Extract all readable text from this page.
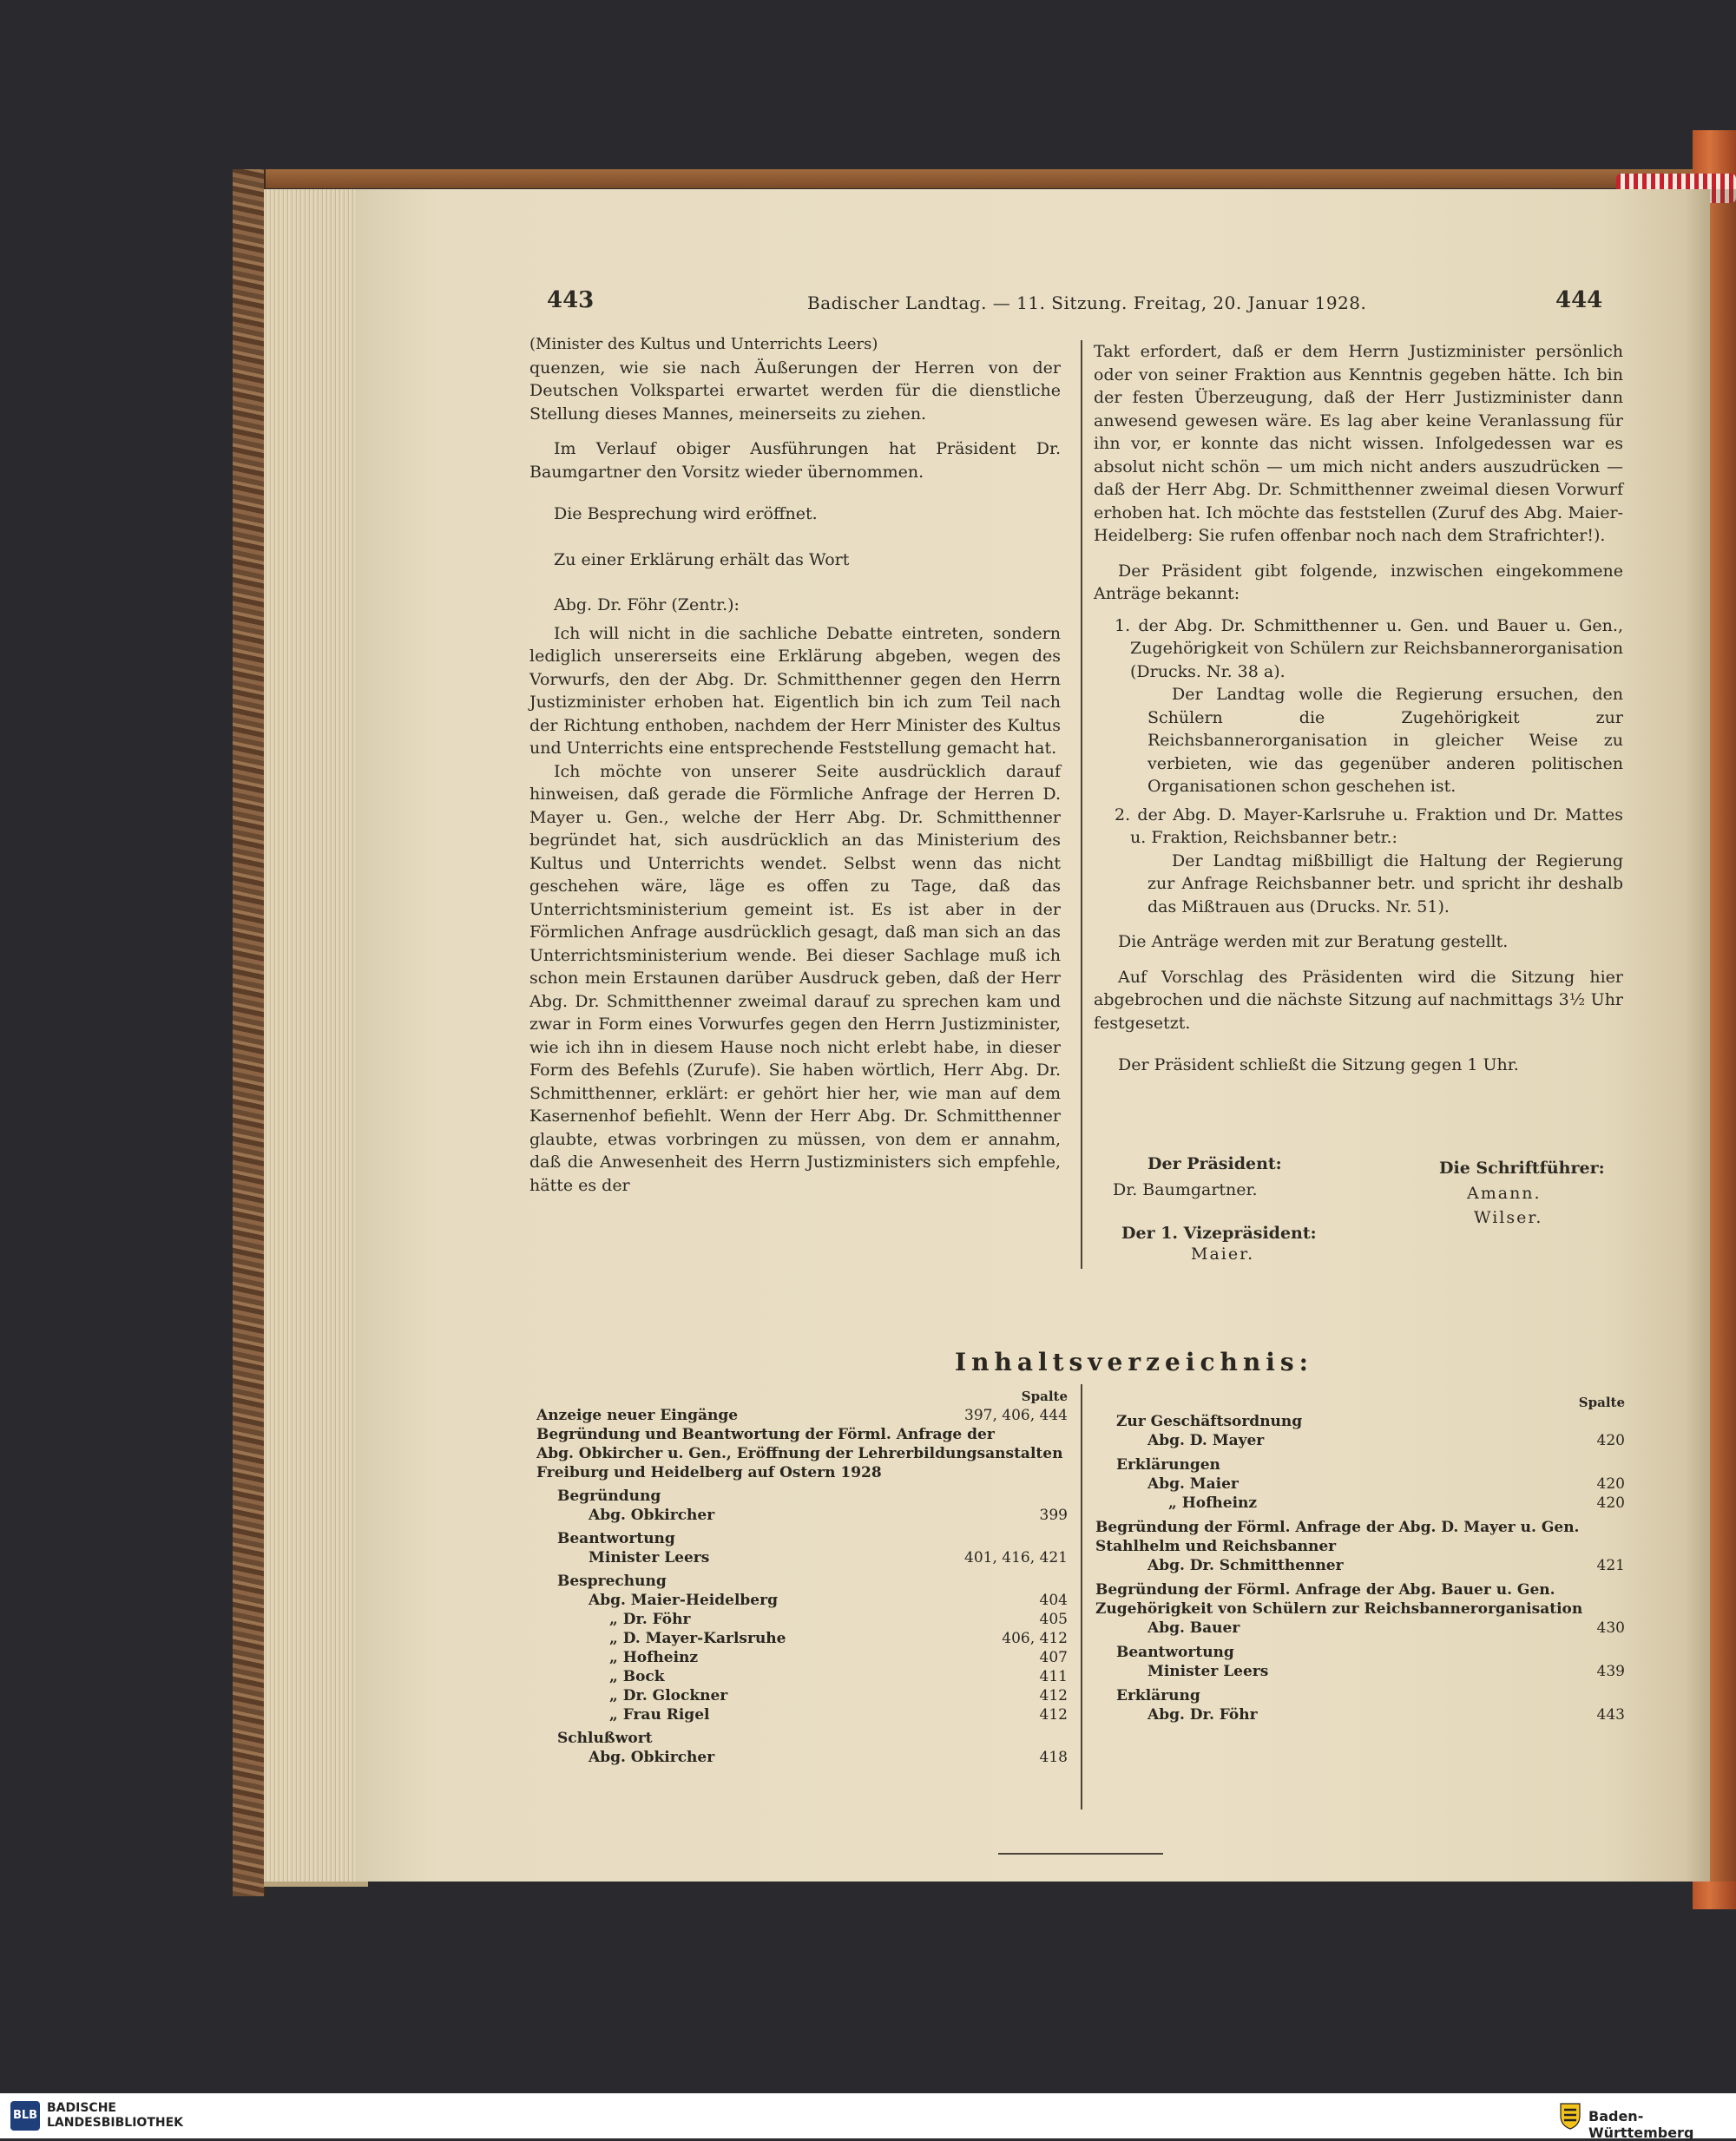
443	Badischer Landtag. — 11. Sitzung. Freitag, 20. Januar 1928.	444

(Minister des Kultus und Unterrichts Leers)

quenzen, wie sie nach Äußerungen der Herren von der Deutschen Volkspartei erwartet werden für die dienstliche Stellung dieses Mannes, meinerseits zu ziehen.

Im Verlauf obiger Ausführungen hat Präsident Dr. Baumgartner den Vorsitz wieder übernommen.

Die Besprechung wird eröffnet.

Zu einer Erklärung erhält das Wort

Abg. Dr. Föhr (Zentr.):

Ich will nicht in die sachliche Debatte eintreten, sondern lediglich unsererseits eine Erklärung abgeben, wegen des Vorwurfs, den der Abg. Dr. Schmitthenner gegen den Herrn Justizminister erhoben hat. Eigentlich bin ich zum Teil nach der Richtung enthoben, nachdem der Herr Minister des Kultus und Unterrichts eine entsprechende Feststellung gemacht hat.

Ich möchte von unserer Seite ausdrücklich darauf hinweisen, daß gerade die Förmliche Anfrage der Herren D. Mayer u. Gen., welche der Herr Abg. Dr. Schmitthenner begründet hat, sich ausdrücklich an das Ministerium des Kultus und Unterrichts wendet. Selbst wenn das nicht geschehen wäre, läge es offen zu Tage, daß das Unterrichtsministerium gemeint ist. Es ist aber in der Förmlichen Anfrage ausdrücklich gesagt, daß man sich an das Unterrichtsministerium wende. Bei dieser Sachlage muß ich schon mein Erstaunen darüber Ausdruck geben, daß der Herr Abg. Dr. Schmitthenner zweimal darauf zu sprechen kam und zwar in Form eines Vorwurfes gegen den Herrn Justizminister, wie ich ihn in diesem Hause noch nicht erlebt habe, in dieser Form des Befehls (Zurufe). Sie haben wörtlich, Herr Abg. Dr. Schmitthenner, erklärt: er gehört hier her, wie man auf dem Kasernenhof befiehlt. Wenn der Herr Abg. Dr. Schmitthenner glaubte, etwas vorbringen zu müssen, von dem er annahm, daß die Anwesenheit des Herrn Justizministers sich empfehle, hätte es der

Takt erfordert, daß er dem Herrn Justizminister persönlich oder von seiner Fraktion aus Kenntnis gegeben hätte. Ich bin der festen Überzeugung, daß der Herr Justizminister dann anwesend gewesen wäre. Es lag aber keine Veranlassung für ihn vor, er konnte das nicht wissen. Infolgedessen war es absolut nicht schön — um mich nicht anders auszudrücken — daß der Herr Abg. Dr. Schmitthenner zweimal diesen Vorwurf erhoben hat. Ich möchte das feststellen (Zuruf des Abg. Maier-Heidelberg: Sie rufen offenbar noch nach dem Strafrichter!).

Der Präsident gibt folgende, inzwischen eingekommene Anträge bekannt:

1. der Abg. Dr. Schmitthenner u. Gen. und Bauer u. Gen., Zugehörigkeit von Schülern zur Reichsbannerorganisation (Drucks. Nr. 38 a).

Der Landtag wolle die Regierung ersuchen, den Schülern die Zugehörigkeit zur Reichsbannerorganisation in gleicher Weise zu verbieten, wie das gegenüber anderen politischen Organisationen schon geschehen ist.

2. der Abg. D. Mayer-Karlsruhe u. Fraktion und Dr. Mattes u. Fraktion, Reichsbanner betr.:

Der Landtag mißbilligt die Haltung der Regierung zur Anfrage Reichsbanner betr. und spricht ihr deshalb das Mißtrauen aus (Drucks. Nr. 51).

Die Anträge werden mit zur Beratung gestellt.

Auf Vorschlag des Präsidenten wird die Sitzung hier abgebrochen und die nächste Sitzung auf nachmittags 3½ Uhr festgesetzt.

Der Präsident schließt die Sitzung gegen 1 Uhr.

Der Präsident:
Dr. Baumgartner.
Der 1. Vizepräsident:
Maier.
Die Schriftführer:
Amann.
Wilser.
Inhaltsverzeichnis:
Spalte
Anzeige neuer Eingänge	397, 406, 444
Begründung und Beantwortung der Förml. Anfrage der
Abg. Obkircher u. Gen., Eröffnung der Lehrerbildungsanstalten
Freiburg und Heidelberg auf Ostern 1928
Begründung
Abg. Obkircher	399
Beantwortung
Minister Leers	401, 416, 421
Besprechung
Abg. Maier-Heidelberg	404
„ Dr. Föhr	405
„ D. Mayer-Karlsruhe	406, 412
„ Hofheinz	407
„ Bock	411
„ Dr. Glockner	412
„ Frau Rigel	412
Schlußwort
Abg. Obkircher	418
Spalte
Zur Geschäftsordnung
Abg. D. Mayer	420
Erklärungen
Abg. Maier	420
„ Hofheinz	420
Begründung der Förml. Anfrage der Abg. D. Mayer u. Gen.
Stahlhelm und Reichsbanner
Abg. Dr. Schmitthenner	421
Begründung der Förml. Anfrage der Abg. Bauer u. Gen.
Zugehörigkeit von Schülern zur Reichsbannerorganisation
Abg. Bauer	430
Beantwortung
Minister Leers	439
Erklärung
Abg. Dr. Föhr	443
BLB
BADISCHE
LANDESBIBLIOTHEK	Baden-Württemberg
